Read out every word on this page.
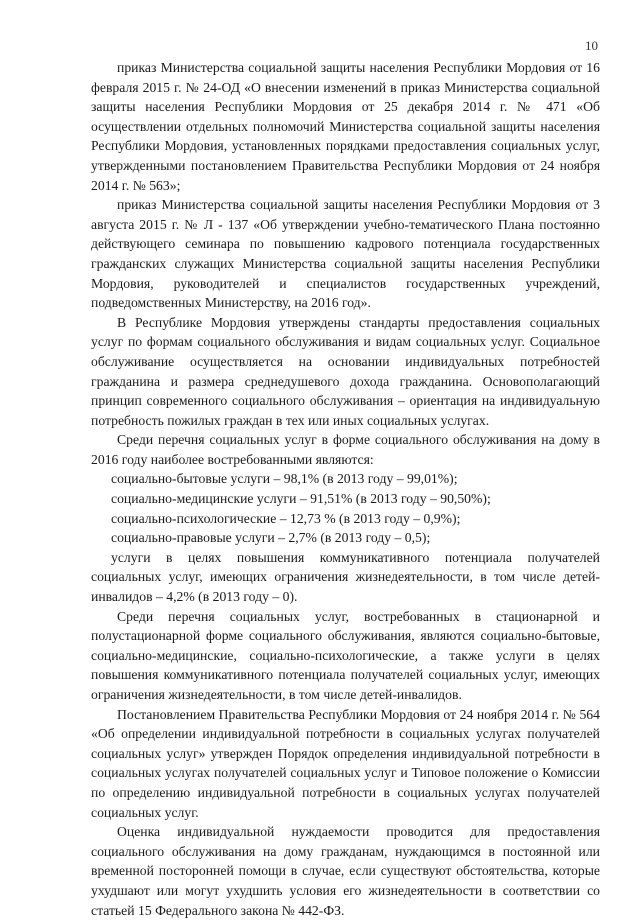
10

приказ Министерства социальной защиты населения Республики Мордовия от 16 февраля 2015 г. № 24-ОД «О внесении изменений в приказ Министерства социальной защиты населения Республики Мордовия от 25 декабря 2014 г. № 471 «Об осуществлении отдельных полномочий Министерства социальной защиты населения Республики Мордовия, установленных порядками предоставления социальных услуг, утвержденными постановлением Правительства Республики Мордовия от 24 ноября 2014 г. № 563»;

приказ Министерства социальной защиты населения Республики Мордовия от 3 августа 2015 г. № Л - 137 «Об утверждении учебно-тематического Плана постоянно действующего семинара по повышению кадрового потенциала государственных гражданских служащих Министерства социальной защиты населения Республики Мордовия, руководителей и специалистов государственных учреждений, подведомственных Министерству, на 2016 год».

В Республике Мордовия утверждены стандарты предоставления социальных услуг по формам социального обслуживания и видам социальных услуг. Социальное обслуживание осуществляется на основании индивидуальных потребностей гражданина и размера среднедушевого дохода гражданина. Основополагающий принцип современного социального обслуживания – ориентация на индивидуальную потребность пожилых граждан в тех или иных социальных услугах.

Среди перечня социальных услуг в форме социального обслуживания на дому в 2016 году наиболее востребованными являются:

социально-бытовые услуги – 98,1% (в 2013 году – 99,01%);
социально-медицинские услуги – 91,51% (в 2013 году – 90,50%);
социально-психологические – 12,73 % (в 2013 году – 0,9%);
социально-правовые услуги – 2,7% (в 2013 году – 0,5);
услуги в целях повышения коммуникативного потенциала получателей социальных услуг, имеющих ограничения жизнедеятельности, в том числе детей-инвалидов – 4,2% (в 2013 году – 0).

Среди перечня социальных услуг, востребованных в стационарной и полустационарной форме социального обслуживания, являются социально-бытовые, социально-медицинские, социально-психологические, а также услуги в целях повышения коммуникативного потенциала получателей социальных услуг, имеющих ограничения жизнедеятельности, в том числе детей-инвалидов.

Постановлением Правительства Республики Мордовия от 24 ноября 2014 г. № 564 «Об определении индивидуальной потребности в социальных услугах получателей социальных услуг» утвержден Порядок определения индивидуальной потребности в социальных услугах получателей социальных услуг и Типовое положение о Комиссии по определению индивидуальной потребности в социальных услугах получателей социальных услуг.

Оценка индивидуальной нуждаемости проводится для предоставления социального обслуживания на дому гражданам, нуждающимся в постоянной или временной посторонней помощи в случае, если существуют обстоятельства, которые ухудшают или могут ухудшить условия его жизнедеятельности в соответствии со статьей 15 Федерального закона № 442-ФЗ.
